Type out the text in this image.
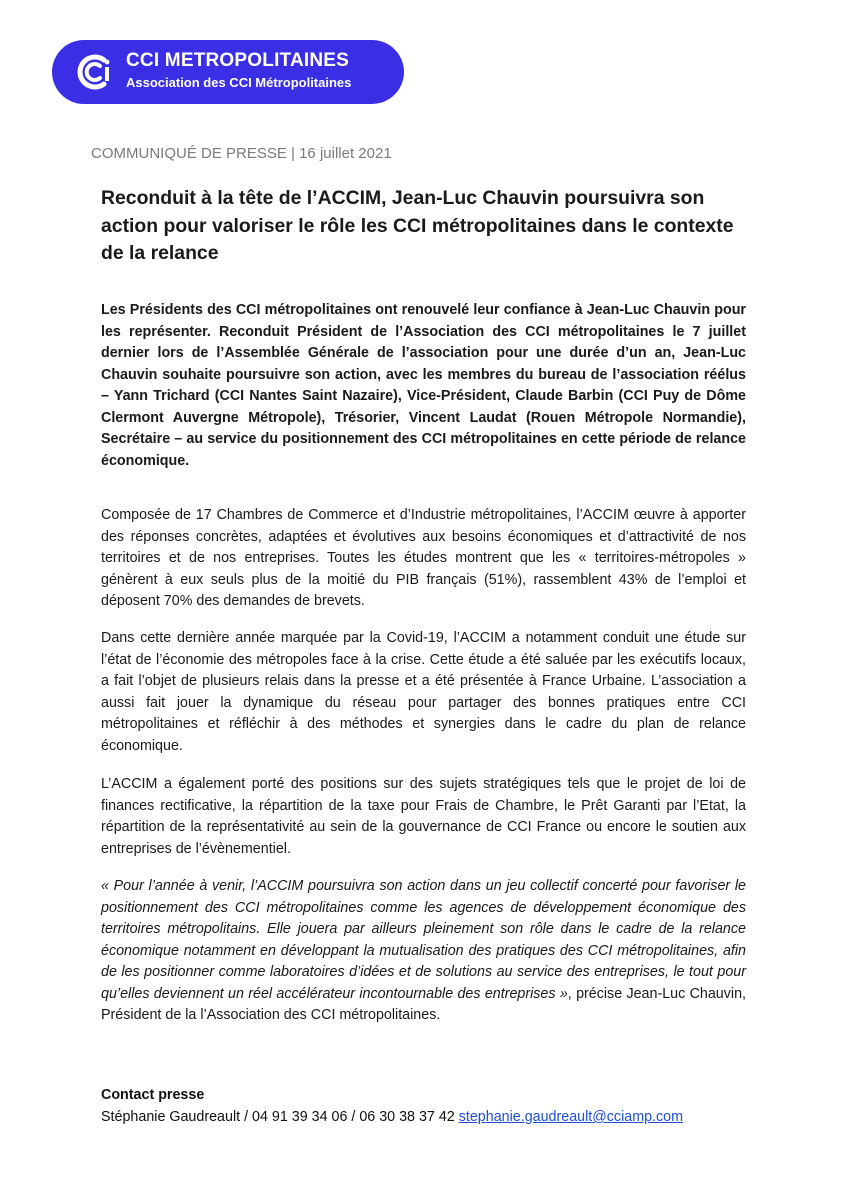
CCI METROPOLITAINES
Association des CCI Métropolitaines
COMMUNIQUÉ DE PRESSE | 16 juillet 2021
Reconduit à la tête de l’ACCIM, Jean-Luc Chauvin poursuivra son action pour valoriser le rôle les CCI métropolitaines dans le contexte de la relance
Les Présidents des CCI métropolitaines ont renouvelé leur confiance à Jean-Luc Chauvin pour les représenter. Reconduit Président de l’Association des CCI métropolitaines le 7 juillet dernier lors de l’Assemblée Générale de l’association pour une durée d’un an, Jean-Luc Chauvin souhaite poursuivre son action, avec les membres du bureau de l’association réélus – Yann Trichard (CCI Nantes Saint Nazaire), Vice-Président, Claude Barbin (CCI Puy de Dôme Clermont Auvergne Métropole), Trésorier, Vincent Laudat (Rouen Métropole Normandie), Secrétaire – au service du positionnement des CCI métropolitaines en cette période de relance économique.
Composée de 17 Chambres de Commerce et d’Industrie métropolitaines, l’ACCIM œuvre à apporter des réponses concrètes, adaptées et évolutives aux besoins économiques et d’attractivité de nos territoires et de nos entreprises. Toutes les études montrent que les « territoires-métropoles » génèrent à eux seuls plus de la moitié du PIB français (51%), rassemblent 43% de l’emploi et déposent 70% des demandes de brevets.
Dans cette dernière année marquée par la Covid-19, l’ACCIM a notamment conduit une étude sur l’état de l’économie des métropoles face à la crise. Cette étude a été saluée par les exécutifs locaux, a fait l’objet de plusieurs relais dans la presse et a été présentée à France Urbaine. L’association a aussi fait jouer la dynamique du réseau pour partager des bonnes pratiques entre CCI métropolitaines et réfléchir à des méthodes et synergies dans le cadre du plan de relance économique.
L’ACCIM a également porté des positions sur des sujets stratégiques tels que le projet de loi de finances rectificative, la répartition de la taxe pour Frais de Chambre, le Prêt Garanti par l’Etat, la répartition de la représentativité au sein de la gouvernance de CCI France ou encore le soutien aux entreprises de l’évènementiel.
« Pour l’année à venir, l’ACCIM poursuivra son action dans un jeu collectif concerté pour favoriser le positionnement des CCI métropolitaines comme les agences de développement économique des territoires métropolitains. Elle jouera par ailleurs pleinement son rôle dans le cadre de la relance économique notamment en développant la mutualisation des pratiques des CCI métropolitaines, afin de les positionner comme laboratoires d’idées et de solutions au service des entreprises, le tout pour qu’elles deviennent un réel accélérateur incontournable des entreprises », précise Jean-Luc Chauvin, Président de la l’Association des CCI métropolitaines.
Contact presse
Stéphanie Gaudreault / 04 91 39 34 06 / 06 30 38 37 42 stephanie.gaudreault@cciamp.com
